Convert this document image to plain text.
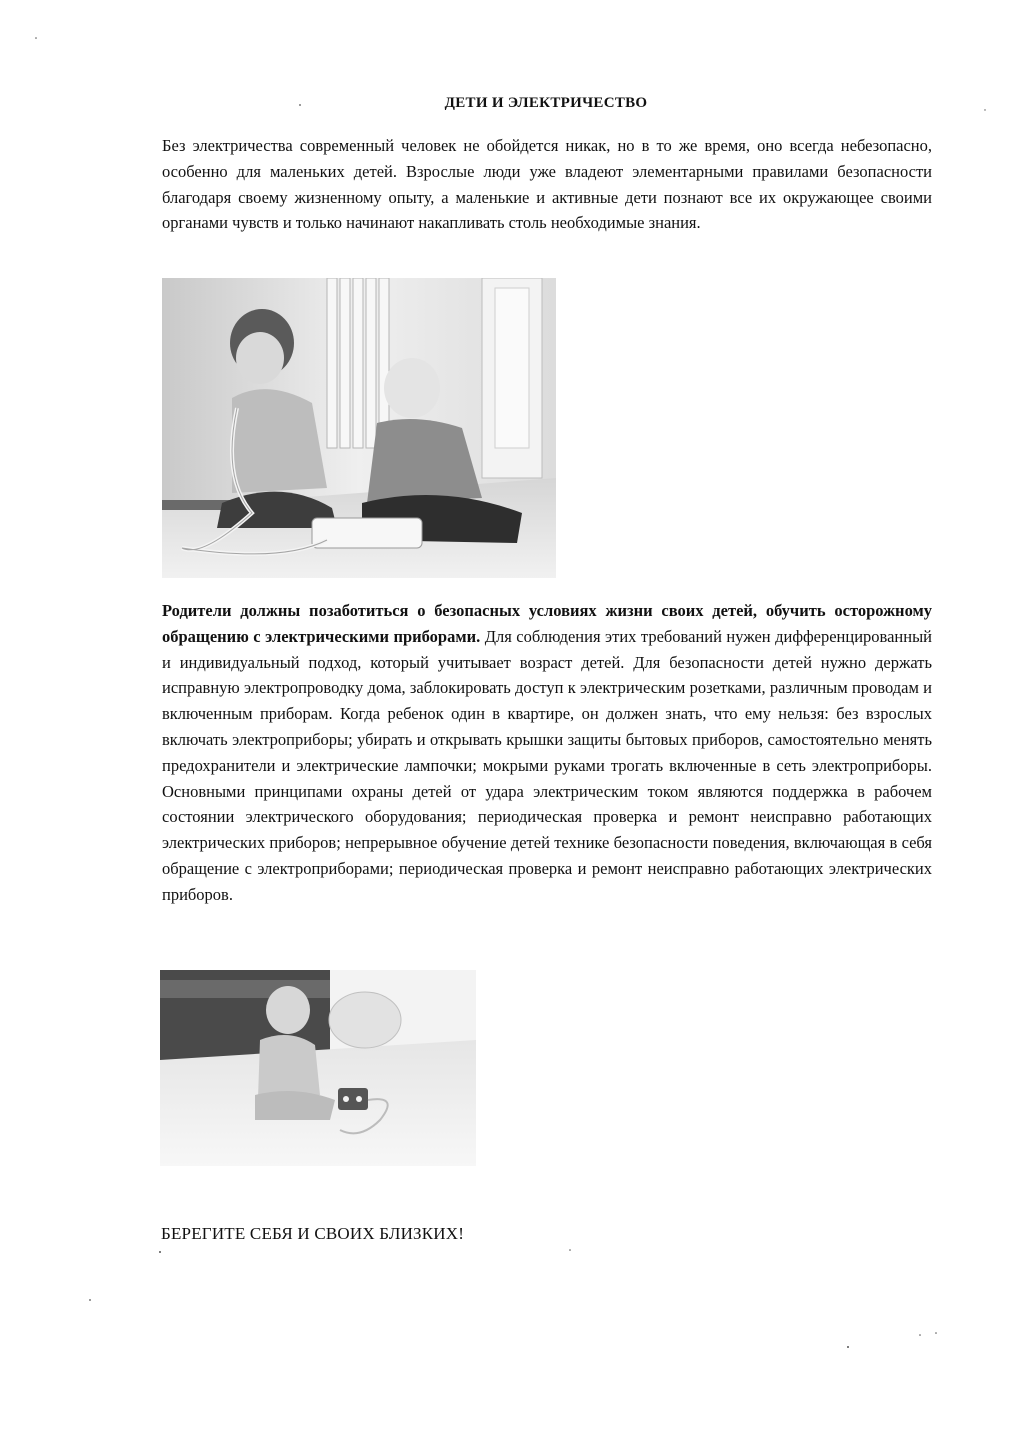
ДЕТИ И ЭЛЕКТРИЧЕСТВО
Без электричества современный человек не обойдется никак, но в то же время, оно всегда небезопасно, особенно для маленьких детей. Взрослые люди уже владеют элементарными правилами безопасности благодаря своему жизненному опыту, а маленькие и активные дети познают все их окружающее своими органами чувств и только начинают накапливать столь необходимые знания.
Родители должны позаботиться о безопасных условиях жизни своих детей, обучить осторожному обращению с электрическими приборами. Для соблюдения этих требований нужен дифференцированный и индивидуальный подход, который учитывает возраст детей. Для безопасности детей нужно держать исправную электропроводку дома, заблокировать доступ к электрическим розетками, различным проводам и включенным приборам. Когда ребенок один в квартире, он должен знать, что ему нельзя: без взрослых включать электроприборы; убирать и открывать крышки защиты бытовых приборов, самостоятельно менять предохранители и электрические лампочки; мокрыми руками трогать включенные в сеть электроприборы. Основными принципами охраны детей от удара электрическим током являются поддержка в рабочем состоянии электрического оборудования; периодическая проверка и ремонт неисправно работающих электрических приборов; непрерывное обучение детей технике безопасности поведения, включающая в себя обращение с электроприборами; периодическая проверка и ремонт неисправно работающих электрических приборов.
БЕРЕГИТЕ СЕБЯ И СВОИХ БЛИЗКИХ!
